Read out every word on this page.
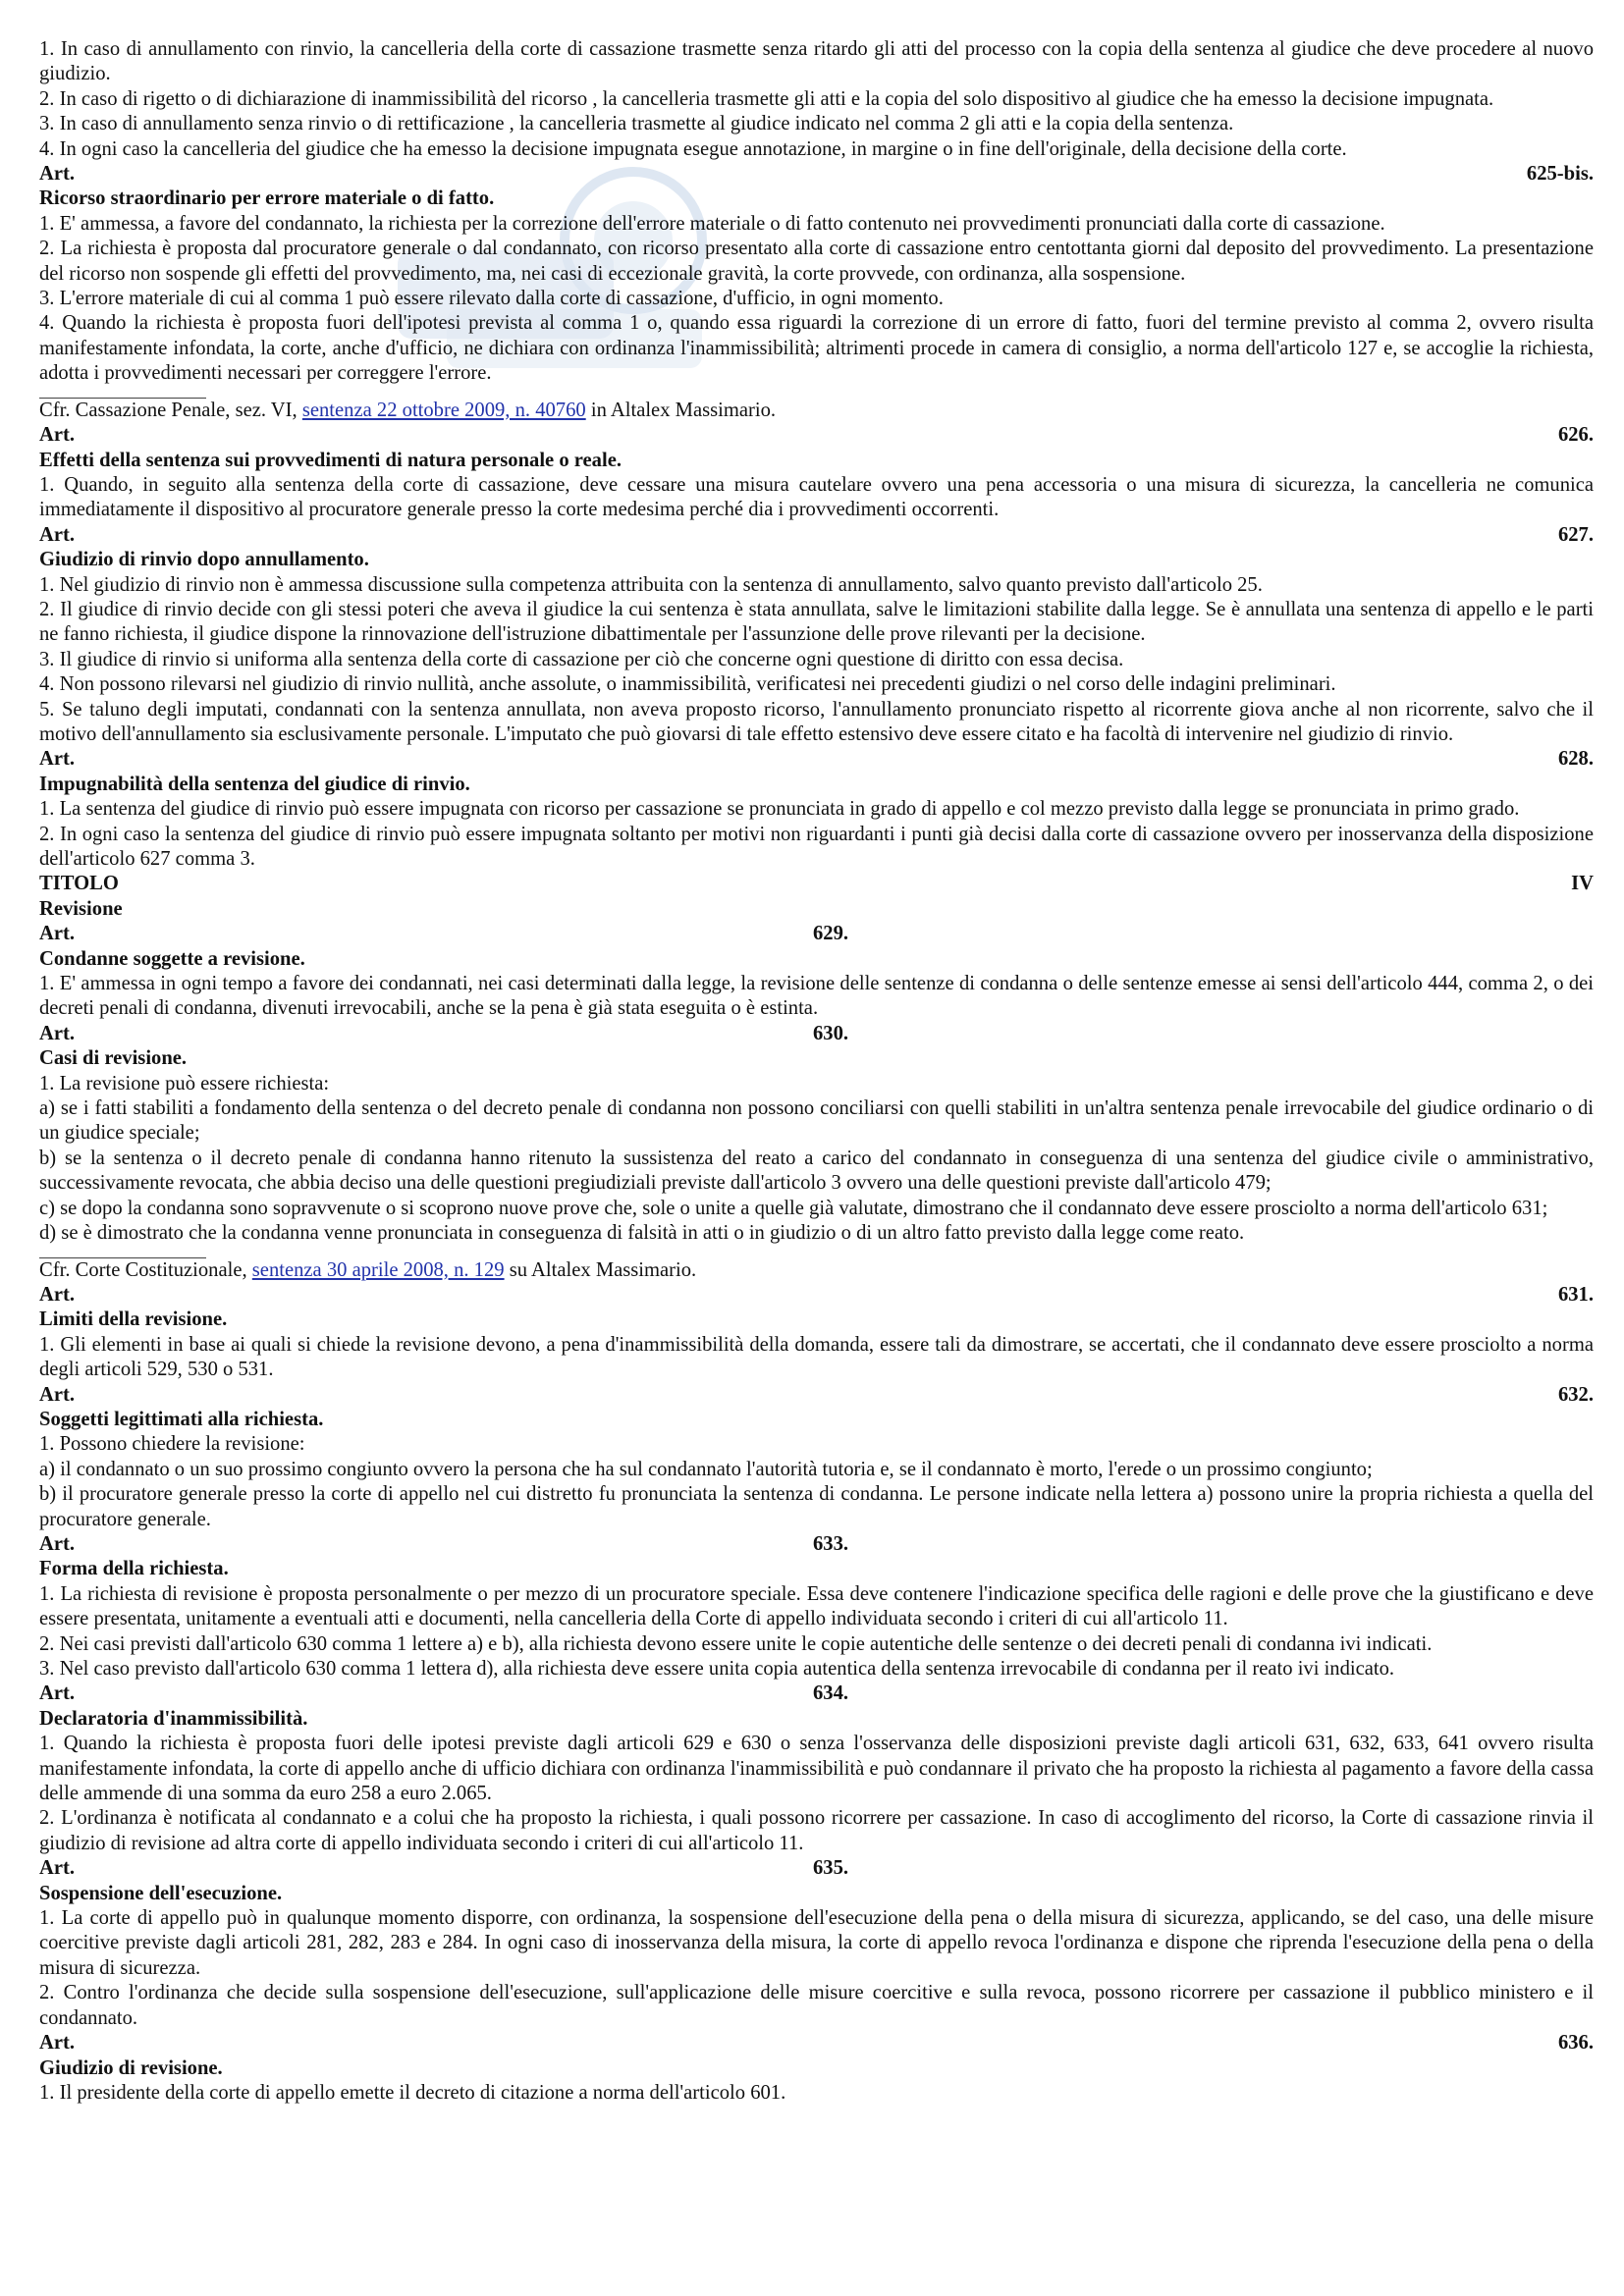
1. In caso di annullamento con rinvio, la cancelleria della corte di cassazione trasmette senza ritardo gli atti del processo con la copia della sentenza al giudice che deve procedere al nuovo giudizio.

2. In caso di rigetto o di dichiarazione di inammissibilità del ricorso , la cancelleria trasmette gli atti e la copia del solo dispositivo al giudice che ha emesso la decisione impugnata.

3. In caso di annullamento senza rinvio o di rettificazione , la cancelleria trasmette al giudice indicato nel comma 2 gli atti e la copia della sentenza.

4. In ogni caso la cancelleria del giudice che ha emesso la decisione impugnata esegue annotazione, in margine o in fine dell'originale, della decisione della corte.

Art.	625-bis.

Ricorso straordinario per errore materiale o di fatto.

1. E' ammessa, a favore del condannato, la richiesta per la correzione dell'errore materiale o di fatto contenuto nei provvedimenti pronunciati dalla corte di cassazione.

2. La richiesta è proposta dal procuratore generale o dal condannato, con ricorso presentato alla corte di cassazione entro centottanta giorni dal deposito del provvedimento. La presentazione del ricorso non sospende gli effetti del provvedimento, ma, nei casi di eccezionale gravità, la corte provvede, con ordinanza, alla sospensione.

3. L'errore materiale di cui al comma 1 può essere rilevato dalla corte di cassazione, d'ufficio, in ogni momento.

4. Quando la richiesta è proposta fuori dell'ipotesi prevista al comma 1 o, quando essa riguardi la correzione di un errore di fatto, fuori del termine previsto al comma 2, ovvero risulta manifestamente infondata, la corte, anche d'ufficio, ne dichiara con ordinanza l'inammissibilità; altrimenti procede in camera di consiglio, a norma dell'articolo 127 e, se accoglie la richiesta, adotta i provvedimenti necessari per correggere l'errore.

Cfr. Cassazione Penale, sez. VI, sentenza 22 ottobre 2009, n. 40760 in Altalex Massimario.

Art.	626.

Effetti della sentenza sui provvedimenti di natura personale o reale.

1. Quando, in seguito alla sentenza della corte di cassazione, deve cessare una misura cautelare ovvero una pena accessoria o una misura di sicurezza, la cancelleria ne comunica immediatamente il dispositivo al procuratore generale presso la corte medesima perché dia i provvedimenti occorrenti.

Art.	627.

Giudizio di rinvio dopo annullamento.

1. Nel giudizio di rinvio non è ammessa discussione sulla competenza attribuita con la sentenza di annullamento, salvo quanto previsto dall'articolo 25.

2. Il giudice di rinvio decide con gli stessi poteri che aveva il giudice la cui sentenza è stata annullata, salve le limitazioni stabilite dalla legge. Se è annullata una sentenza di appello e le parti ne fanno richiesta, il giudice dispone la rinnovazione dell'istruzione dibattimentale per l'assunzione delle prove rilevanti per la decisione.

3. Il giudice di rinvio si uniforma alla sentenza della corte di cassazione per ciò che concerne ogni questione di diritto con essa decisa.

4. Non possono rilevarsi nel giudizio di rinvio nullità, anche assolute, o inammissibilità, verificatesi nei precedenti giudizi o nel corso delle indagini preliminari.

5. Se taluno degli imputati, condannati con la sentenza annullata, non aveva proposto ricorso, l'annullamento pronunciato rispetto al ricorrente giova anche al non ricorrente, salvo che il motivo dell'annullamento sia esclusivamente personale. L'imputato che può giovarsi di tale effetto estensivo deve essere citato e ha facoltà di intervenire nel giudizio di rinvio.

Art.	628.

Impugnabilità della sentenza del giudice di rinvio.

1. La sentenza del giudice di rinvio può essere impugnata con ricorso per cassazione se pronunciata in grado di appello e col mezzo previsto dalla legge se pronunciata in primo grado.

2. In ogni caso la sentenza del giudice di rinvio può essere impugnata soltanto per motivi non riguardanti i punti già decisi dalla corte di cassazione ovvero per inosservanza della disposizione dell'articolo 627 comma 3.

TITOLO	IV

Revisione

Art.	629.

Condanne soggette a revisione.

1. E' ammessa in ogni tempo a favore dei condannati, nei casi determinati dalla legge, la revisione delle sentenze di condanna o delle sentenze emesse ai sensi dell'articolo 444, comma 2, o dei decreti penali di condanna, divenuti irrevocabili, anche se la pena è già stata eseguita o è estinta.

Art.	630.

Casi di revisione.

1. La revisione può essere richiesta:

a) se i fatti stabiliti a fondamento della sentenza o del decreto penale di condanna non possono conciliarsi con quelli stabiliti in un'altra sentenza penale irrevocabile del giudice ordinario o di un giudice speciale;

b) se la sentenza o il decreto penale di condanna hanno ritenuto la sussistenza del reato a carico del condannato in conseguenza di una sentenza del giudice civile o amministrativo, successivamente revocata, che abbia deciso una delle questioni pregiudiziali previste dall'articolo 3 ovvero una delle questioni previste dall'articolo 479;

c) se dopo la condanna sono sopravvenute o si scoprono nuove prove che, sole o unite a quelle già valutate, dimostrano che il condannato deve essere prosciolto a norma dell'articolo 631;

d) se è dimostrato che la condanna venne pronunciata in conseguenza di falsità in atti o in giudizio o di un altro fatto previsto dalla legge come reato.

Cfr. Corte Costituzionale, sentenza 30 aprile 2008, n. 129 su Altalex Massimario.

Art.	631.

Limiti della revisione.

1. Gli elementi in base ai quali si chiede la revisione devono, a pena d'inammissibilità della domanda, essere tali da dimostrare, se accertati, che il condannato deve essere prosciolto a norma degli articoli 529, 530 o 531.

Art.	632.

Soggetti legittimati alla richiesta.

1. Possono chiedere la revisione:

a) il condannato o un suo prossimo congiunto ovvero la persona che ha sul condannato l'autorità tutoria e, se il condannato è morto, l'erede o un prossimo congiunto;

b) il procuratore generale presso la corte di appello nel cui distretto fu pronunciata la sentenza di condanna. Le persone indicate nella lettera a) possono unire la propria richiesta a quella del procuratore generale.

Art.	633.

Forma della richiesta.

1. La richiesta di revisione è proposta personalmente o per mezzo di un procuratore speciale. Essa deve contenere l'indicazione specifica delle ragioni e delle prove che la giustificano e deve essere presentata, unitamente a eventuali atti e documenti, nella cancelleria della Corte di appello individuata secondo i criteri di cui all'articolo 11.

2. Nei casi previsti dall'articolo 630 comma 1 lettere a) e b), alla richiesta devono essere unite le copie autentiche delle sentenze o dei decreti penali di condanna ivi indicati.

3. Nel caso previsto dall'articolo 630 comma 1 lettera d), alla richiesta deve essere unita copia autentica della sentenza irrevocabile di condanna per il reato ivi indicato.

Art.	634.

Declaratoria d'inammissibilità.

1. Quando la richiesta è proposta fuori delle ipotesi previste dagli articoli 629 e 630 o senza l'osservanza delle disposizioni previste dagli articoli 631, 632, 633, 641 ovvero risulta manifestamente infondata, la corte di appello anche di ufficio dichiara con ordinanza l'inammissibilità e può condannare il privato che ha proposto la richiesta al pagamento a favore della cassa delle ammende di una somma da euro 258 a euro 2.065.

2. L'ordinanza è notificata al condannato e a colui che ha proposto la richiesta, i quali possono ricorrere per cassazione. In caso di accoglimento del ricorso, la Corte di cassazione rinvia il giudizio di revisione ad altra corte di appello individuata secondo i criteri di cui all'articolo 11.

Art.	635.

Sospensione dell'esecuzione.

1. La corte di appello può in qualunque momento disporre, con ordinanza, la sospensione dell'esecuzione della pena o della misura di sicurezza, applicando, se del caso, una delle misure coercitive previste dagli articoli 281, 282, 283 e 284. In ogni caso di inosservanza della misura, la corte di appello revoca l'ordinanza e dispone che riprenda l'esecuzione della pena o della misura di sicurezza.

2. Contro l'ordinanza che decide sulla sospensione dell'esecuzione, sull'applicazione delle misure coercitive e sulla revoca, possono ricorrere per cassazione il pubblico ministero e il condannato.

Art.	636.

Giudizio di revisione.

1. Il presidente della corte di appello emette il decreto di citazione a norma dell'articolo 601.
